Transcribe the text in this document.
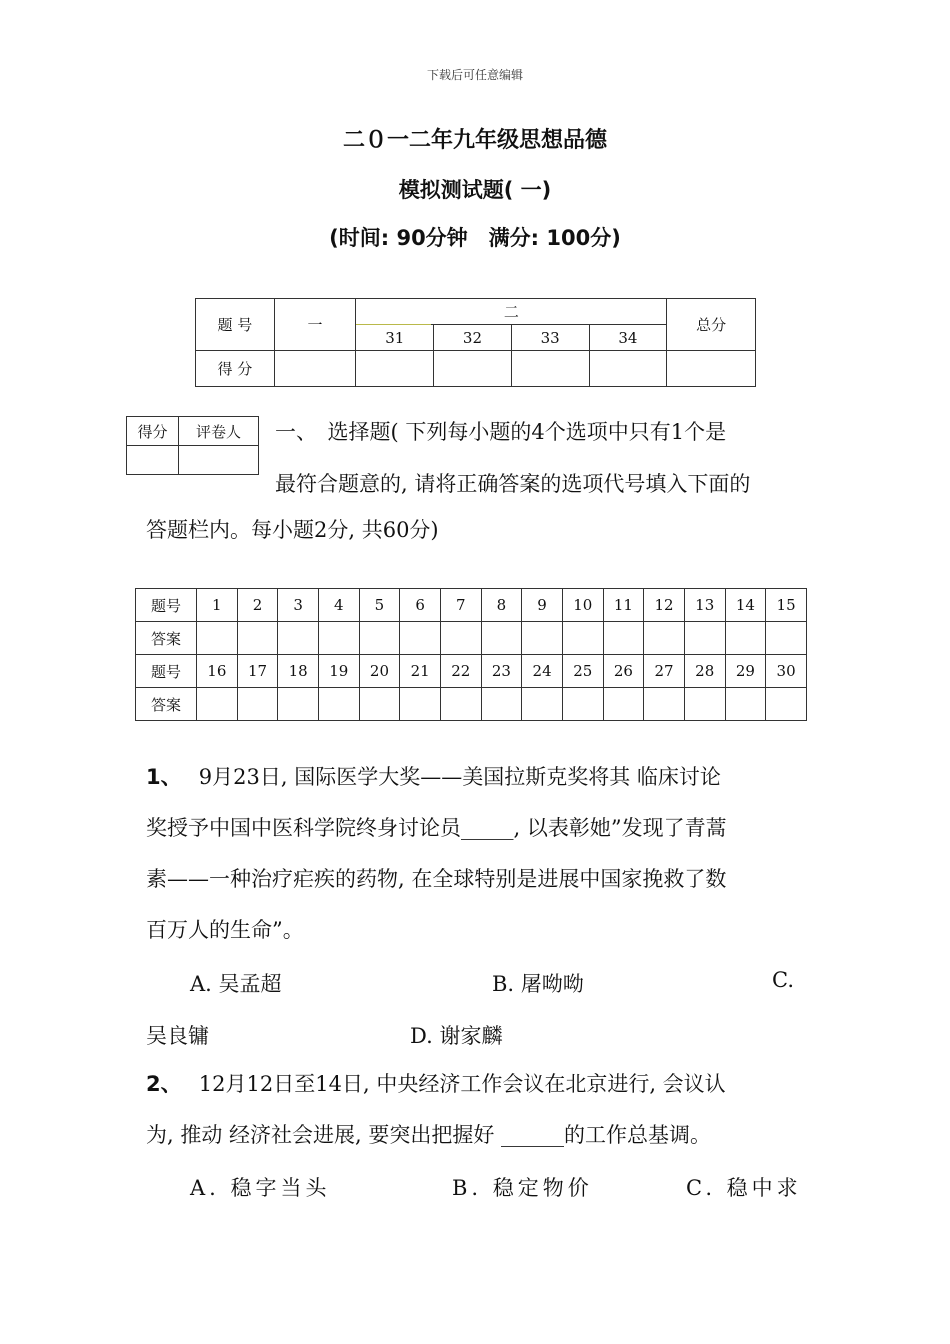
下载后可任意编辑
二０一二年九年级思想品德
模拟测试题( 一)
(时间: 90分钟　满分: 100分)
题 号	一	二				总分
		31	32	33	34	
得 分						
得分	评卷人
	一、　选择题( 下列每小题的4个选项中只有1个是
最符合题意的, 请将正确答案的选项代号填入下面的
答题栏内。每小题2分, 共60分)
题号	1	2	3	4	5	6	7	8	9	10	11	12	13	14	15
答案															
题号	16	17	18	19	20	21	22	23	24	25	26	27	28	29	30
答案															
1、　 9月23日, 国际医学大奖——美国拉斯克奖将其 临床讨论
奖授予中国中医科学院终身讨论员_____, 以表彰她”发现了青蒿
素——一种治疗疟疾的药物, 在全球特别是进展中国家挽救了数
百万人的生命”。
A. 吴孟超	B. 屠呦呦	C.
吴良镛	D. 谢家麟
2、　 12月12日至14日, 中央经济工作会议在北京进行, 会议认
为, 推动 经济社会进展, 要突出把握好 ______的工作总基调。
A. 稳字当头	B. 稳定物价	C. 稳中求
